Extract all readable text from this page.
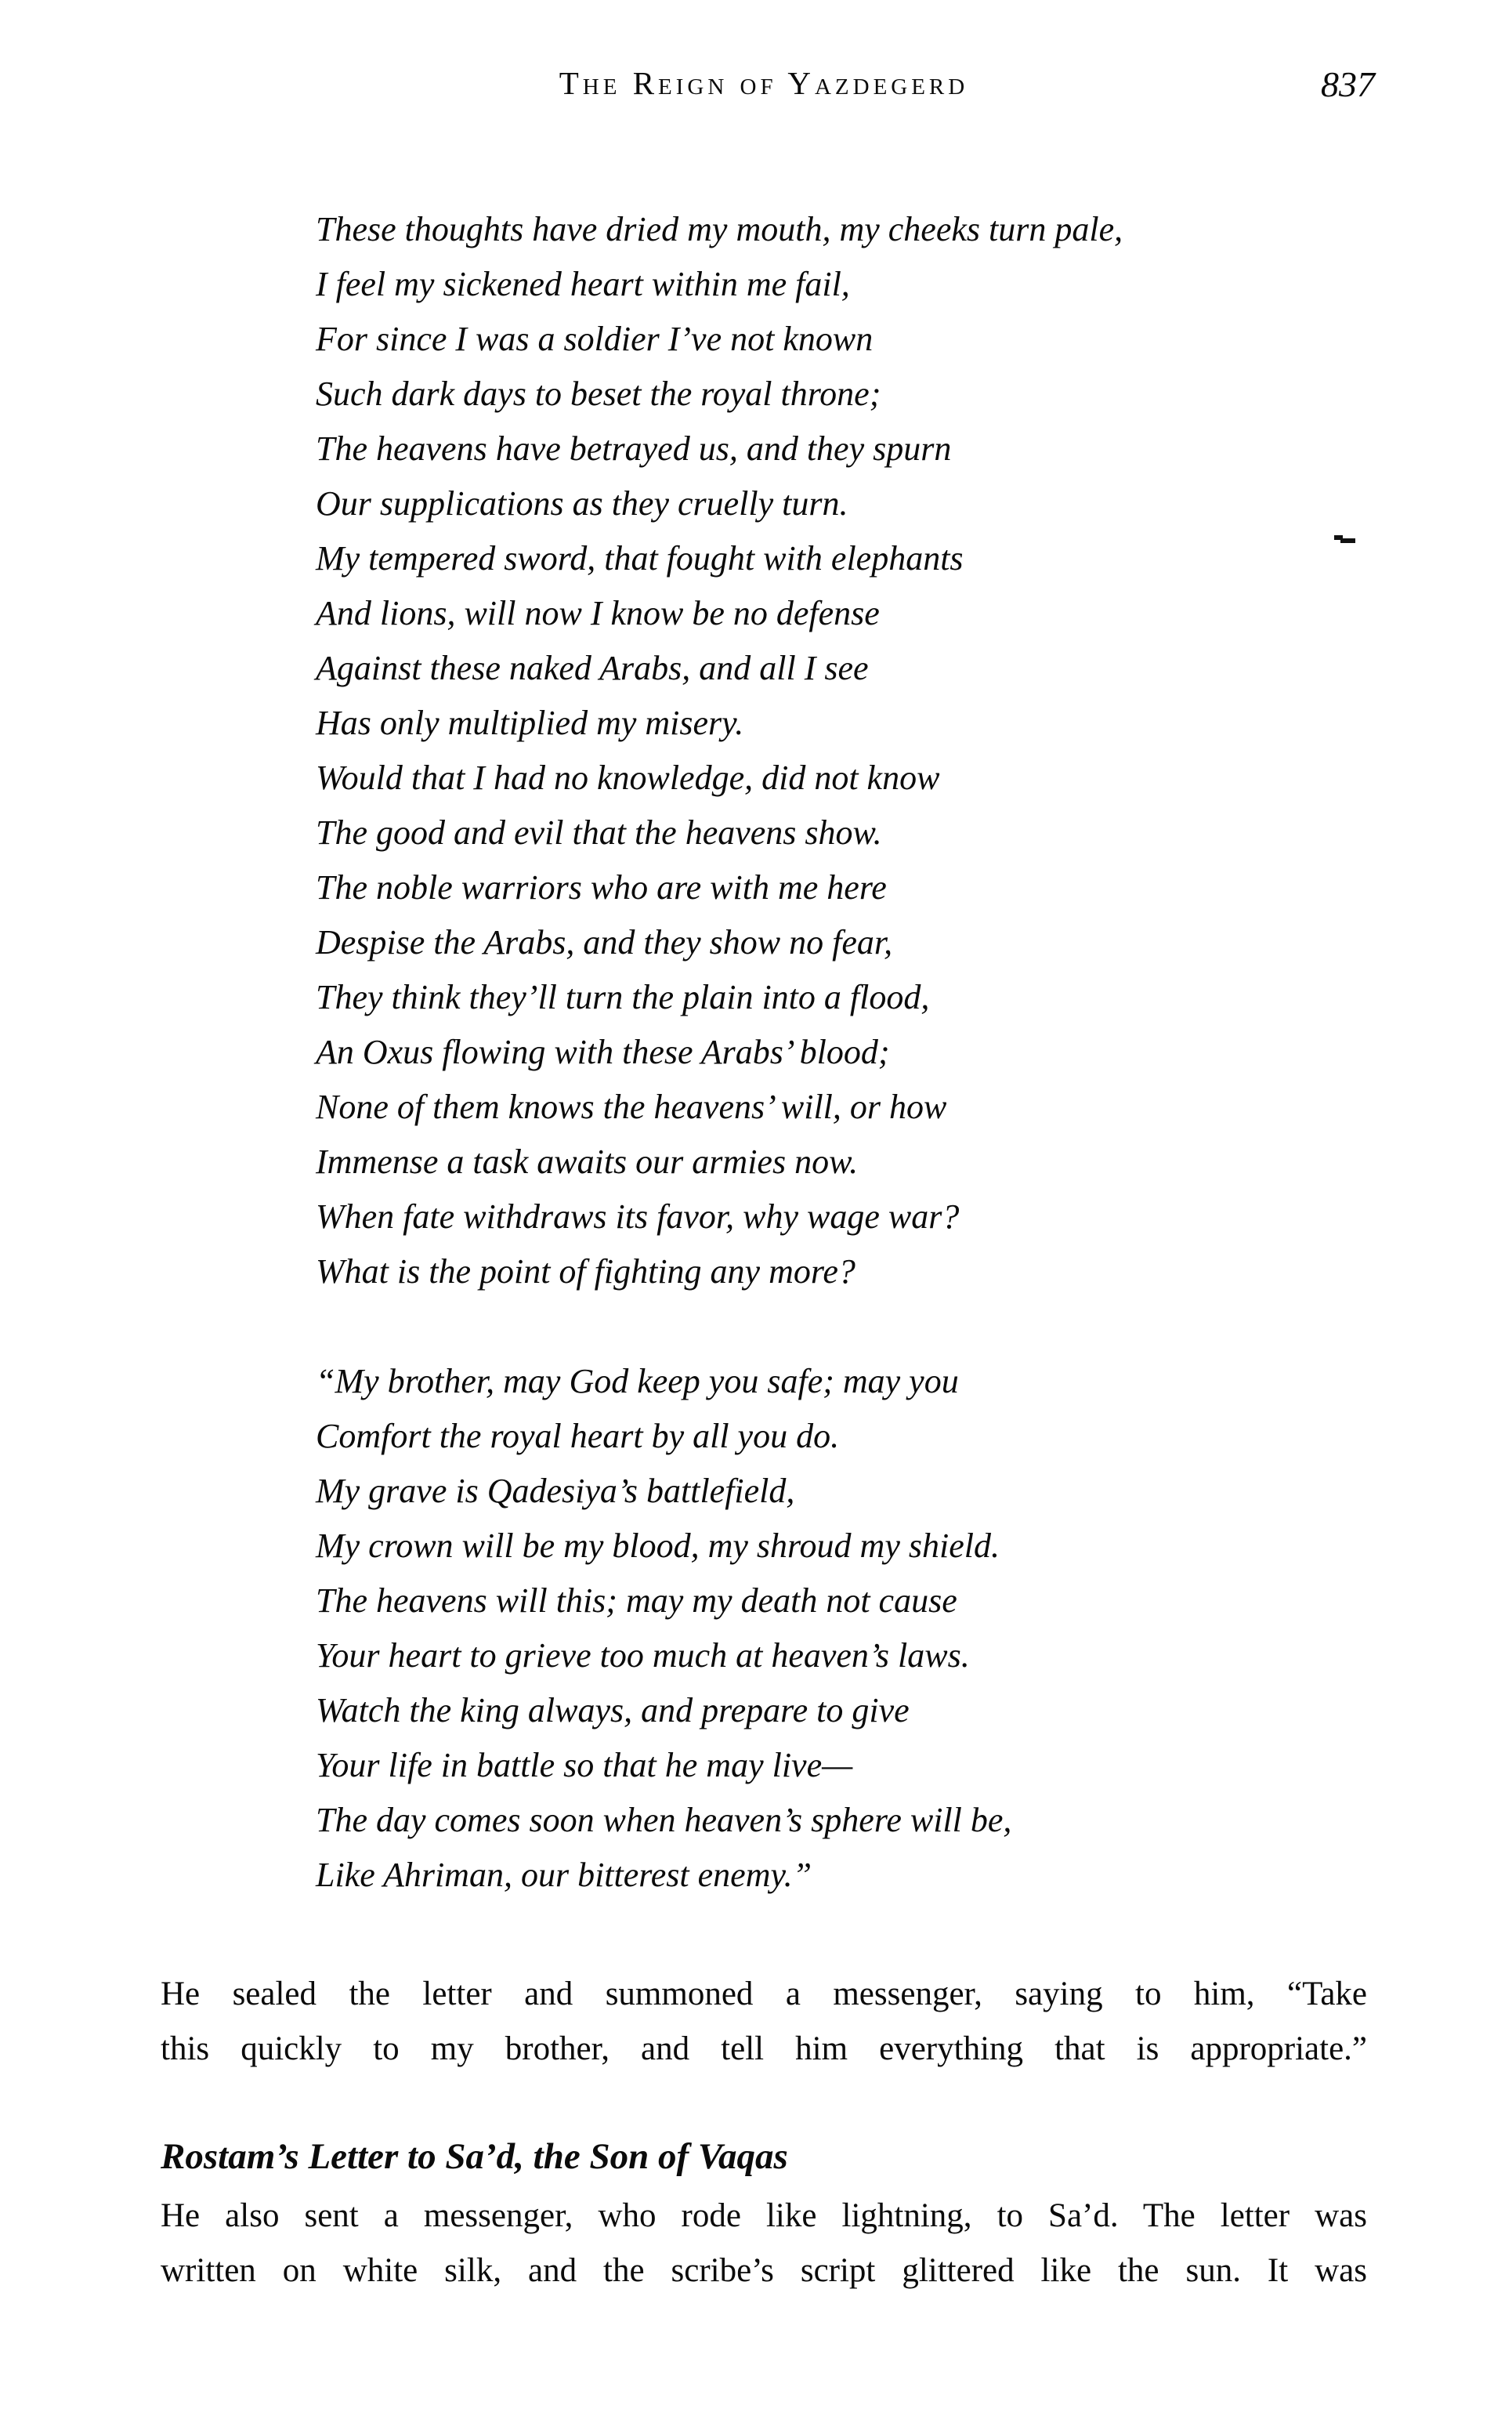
The Reign of Yazdegerd	837
These thoughts have dried my mouth, my cheeks turn pale,
I feel my sickened heart within me fail,
For since I was a soldier I’ve not known
Such dark days to beset the royal throne;
The heavens have betrayed us, and they spurn
Our supplications as they cruelly turn.
My tempered sword, that fought with elephants
And lions, will now I know be no defense
Against these naked Arabs, and all I see
Has only multiplied my misery.
Would that I had no knowledge, did not know
The good and evil that the heavens show.
The noble warriors who are with me here
Despise the Arabs, and they show no fear,
They think they’ll turn the plain into a flood,
An Oxus flowing with these Arabs’ blood;
None of them knows the heavens’ will, or how
Immense a task awaits our armies now.
When fate withdraws its favor, why wage war?
What is the point of fighting any more?
“My brother, may God keep you safe; may you
Comfort the royal heart by all you do.
My grave is Qadesiya’s battlefield,
My crown will be my blood, my shroud my shield.
The heavens will this; may my death not cause
Your heart to grieve too much at heaven’s laws.
Watch the king always, and prepare to give
Your life in battle so that he may live—
The day comes soon when heaven’s sphere will be,
Like Ahriman, our bitterest enemy.”
He sealed the letter and summoned a messenger, saying to him, “Take
this quickly to my brother, and tell him everything that is appropriate.”
Rostam’s Letter to Sa’d, the Son of Vaqas
He also sent a messenger, who rode like lightning, to Sa’d. The letter was
written on white silk, and the scribe’s script glittered like the sun. It was
